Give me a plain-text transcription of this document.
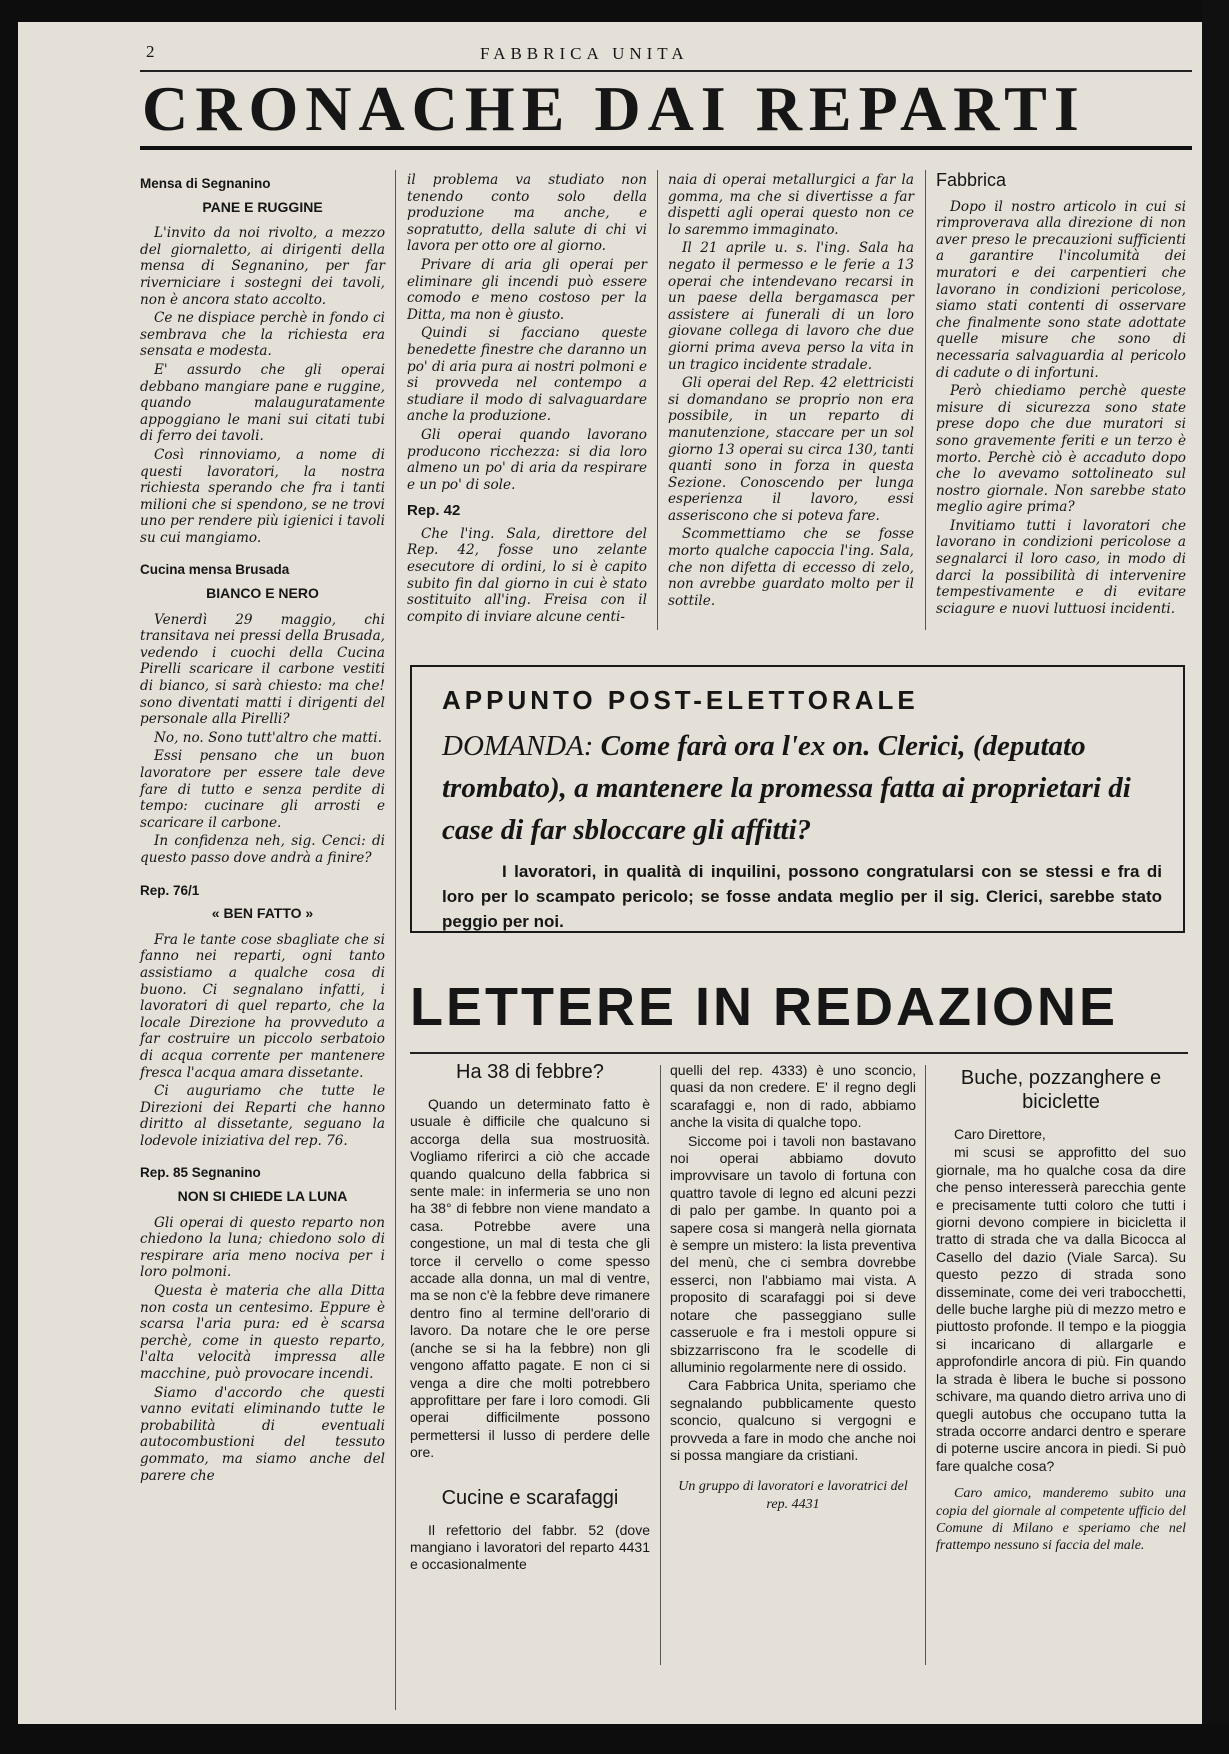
2	FABBRICA UNITA
CRONACHE DAI REPARTI
Mensa di Segnanino
PANE E RUGGINE

L'invito da noi rivolto, a mezzo del giornaletto, ai dirigenti della mensa di Segnanino, per far riverniciare i sostegni dei tavoli, non è ancora stato accolto.

Ce ne dispiace perchè in fondo ci sembrava che la richiesta era sensata e modesta.

E' assurdo che gli operai debbano mangiare pane e ruggine, quando malauguratamente appoggiano le mani sui citati tubi di ferro dei tavoli.

Così rinnoviamo, a nome di questi lavoratori, la nostra richiesta sperando che fra i tanti milioni che si spendono, se ne trovi uno per rendere più igienici i tavoli su cui mangiamo.

Cucina mensa Brusada
BIANCO E NERO

Venerdì 29 maggio, chi transitava nei pressi della Brusada, vedendo i cuochi della Cucina Pirelli scaricare il carbone vestiti di bianco, si sarà chiesto: ma che! sono diventati matti i dirigenti del personale alla Pirelli?

No, no. Sono tutt'altro che matti.

Essi pensano che un buon lavoratore per essere tale deve fare di tutto e senza perdite di tempo: cucinare gli arrosti e scaricare il carbone.

In confidenza neh, sig. Cenci: di questo passo dove andrà a finire?

Rep. 76/1
« BEN FATTO »

Fra le tante cose sbagliate che si fanno nei reparti, ogni tanto assistiamo a qualche cosa di buono. Ci segnalano infatti, i lavoratori di quel reparto, che la locale Direzione ha provveduto a far costruire un piccolo serbatoio di acqua corrente per mantenere fresca l'acqua amara dissetante.

Ci auguriamo che tutte le Direzioni dei Reparti che hanno diritto al dissetante, seguano la lodevole iniziativa del rep. 76.

Rep. 85 Segnanino
NON SI CHIEDE LA LUNA

Gli operai di questo reparto non chiedono la luna; chiedono solo di respirare aria meno nociva per i loro polmoni.

Questa è materia che alla Ditta non costa un centesimo. Eppure è scarsa l'aria pura: ed è scarsa perchè, come in questo reparto, l'alta velocità impressa alle macchine, può provocare incendi.

Siamo d'accordo che questi vanno evitati eliminando tutte le probabilità di eventuali autocombustioni del tessuto gommato, ma siamo anche del parere che

il problema va studiato non tenendo conto solo della produzione ma anche, e sopratutto, della salute di chi vi lavora per otto ore al giorno.

Privare di aria gli operai per eliminare gli incendi può essere comodo e meno costoso per la Ditta, ma non è giusto.

Quindi si facciano queste benedette finestre che daranno un po' di aria pura ai nostri polmoni e si provveda nel contempo a studiare il modo di salvaguardare anche la produzione.

Gli operai quando lavorano producono ricchezza: si dia loro almeno un po' di aria da respirare e un po' di sole.

Rep. 42

Che l'ing. Sala, direttore del Rep. 42, fosse uno zelante esecutore di ordini, lo si è capito subito fin dal giorno in cui è stato sostituito all'ing. Freisa con il compito di inviare alcune centi-

naia di operai metallurgici a far la gomma, ma che si divertisse a far dispetti agli operai questo non ce lo saremmo immaginato.

Il 21 aprile u. s. l'ing. Sala ha negato il permesso e le ferie a 13 operai che intendevano recarsi in un paese della bergamasca per assistere ai funerali di un loro giovane collega di lavoro che due giorni prima aveva perso la vita in un tragico incidente stradale.

Gli operai del Rep. 42 elettricisti si domandano se proprio non era possibile, in un reparto di manutenzione, staccare per un sol giorno 13 operai su circa 130, tanti quanti sono in forza in questa Sezione. Conoscendo per lunga esperienza il lavoro, essi asseriscono che si poteva fare.

Scommettiamo che se fosse morto qualche capoccia l'ing. Sala, che non difetta di eccesso di zelo, non avrebbe guardato molto per il sottile.

Fabbrica

Dopo il nostro articolo in cui si rimproverava alla direzione di non aver preso le precauzioni sufficienti a garantire l'incolumità dei muratori e dei carpentieri che lavorano in condizioni pericolose, siamo stati contenti di osservare che finalmente sono state adottate quelle misure che sono di necessaria salvaguardia al pericolo di cadute o di infortuni.

Però chiediamo perchè queste misure di sicurezza sono state prese dopo che due muratori si sono gravemente feriti e un terzo è morto. Perchè ciò è accaduto dopo che lo avevamo sottolineato sul nostro giornale. Non sarebbe stato meglio agire prima?

Invitiamo tutti i lavoratori che lavorano in condizioni pericolose a segnalarci il loro caso, in modo di darci la possibilità di intervenire tempestivamente e di evitare sciagure e nuovi luttuosi incidenti.

APPUNTO POST-ELETTORALE
DOMANDA: Come farà ora l'ex on. Clerici, (deputato trombato), a mantenere la promessa fatta ai proprietari di case di far sbloccare gli affitti?
I lavoratori, in qualità di inquilini, possono congratularsi con se stessi e fra di loro per lo scampato pericolo; se fosse andata meglio per il sig. Clerici, sarebbe stato peggio per noi.
LETTERE IN REDAZIONE
Ha 38 di febbre?

Quando un determinato fatto è usuale è difficile che qualcuno si accorga della sua mostruosità. Vogliamo riferirci a ciò che accade quando qualcuno della fabbrica si sente male: in infermeria se uno non ha 38° di febbre non viene mandato a casa. Potrebbe avere una congestione, un mal di testa che gli torce il cervello o come spesso accade alla donna, un mal di ventre, ma se non c'è la febbre deve rimanere dentro fino al termine dell'orario di lavoro. Da notare che le ore perse (anche se si ha la febbre) non gli vengono affatto pagate. E non ci si venga a dire che molti potrebbero approfittare per fare i loro comodi. Gli operai difficilmente possono permettersi il lusso di perdere delle ore.

Cucine e scarafaggi

Il refettorio del fabbr. 52 (dove mangiano i lavoratori del reparto 4431 e occasionalmente

quelli del rep. 4333) è uno sconcio, quasi da non credere. E' il regno degli scarafaggi e, non di rado, abbiamo anche la visita di qualche topo.

Siccome poi i tavoli non bastavano noi operai abbiamo dovuto improvvisare un tavolo di fortuna con quattro tavole di legno ed alcuni pezzi di palo per gambe. In quanto poi a sapere cosa si mangerà nella giornata è sempre un mistero: la lista preventiva del menù, che ci sembra dovrebbe esserci, non l'abbiamo mai vista. A proposito di scarafaggi poi si deve notare che passeggiano sulle casseruole e fra i mestoli oppure si sbizzarriscono fra le scodelle di alluminio regolarmente nere di ossido.

Cara Fabbrica Unita, speriamo che segnalando pubblicamente questo sconcio, qualcuno si vergogni e provveda a fare in modo che anche noi si possa mangiare da cristiani.

Un gruppo di lavoratori e lavoratrici del rep. 4431

Buche, pozzanghere e biciclette

Caro Direttore,

mi scusi se approfitto del suo giornale, ma ho qualche cosa da dire che penso interesserà parecchia gente e precisamente tutti coloro che tutti i giorni devono compiere in bicicletta il tratto di strada che va dalla Bicocca al Casello del dazio (Viale Sarca). Su questo pezzo di strada sono disseminate, come dei veri trabocchetti, delle buche larghe più di mezzo metro e piuttosto profonde. Il tempo e la pioggia si incaricano di allargarle e approfondirle ancora di più. Fin quando la strada è libera le buche si possono schivare, ma quando dietro arriva uno di quegli autobus che occupano tutta la strada occorre andarci dentro e sperare di poterne uscire ancora in piedi. Si può fare qualche cosa?

Caro amico, manderemo subito una copia del giornale al competente ufficio del Comune di Milano e speriamo che nel frattempo nessuno si faccia del male.
